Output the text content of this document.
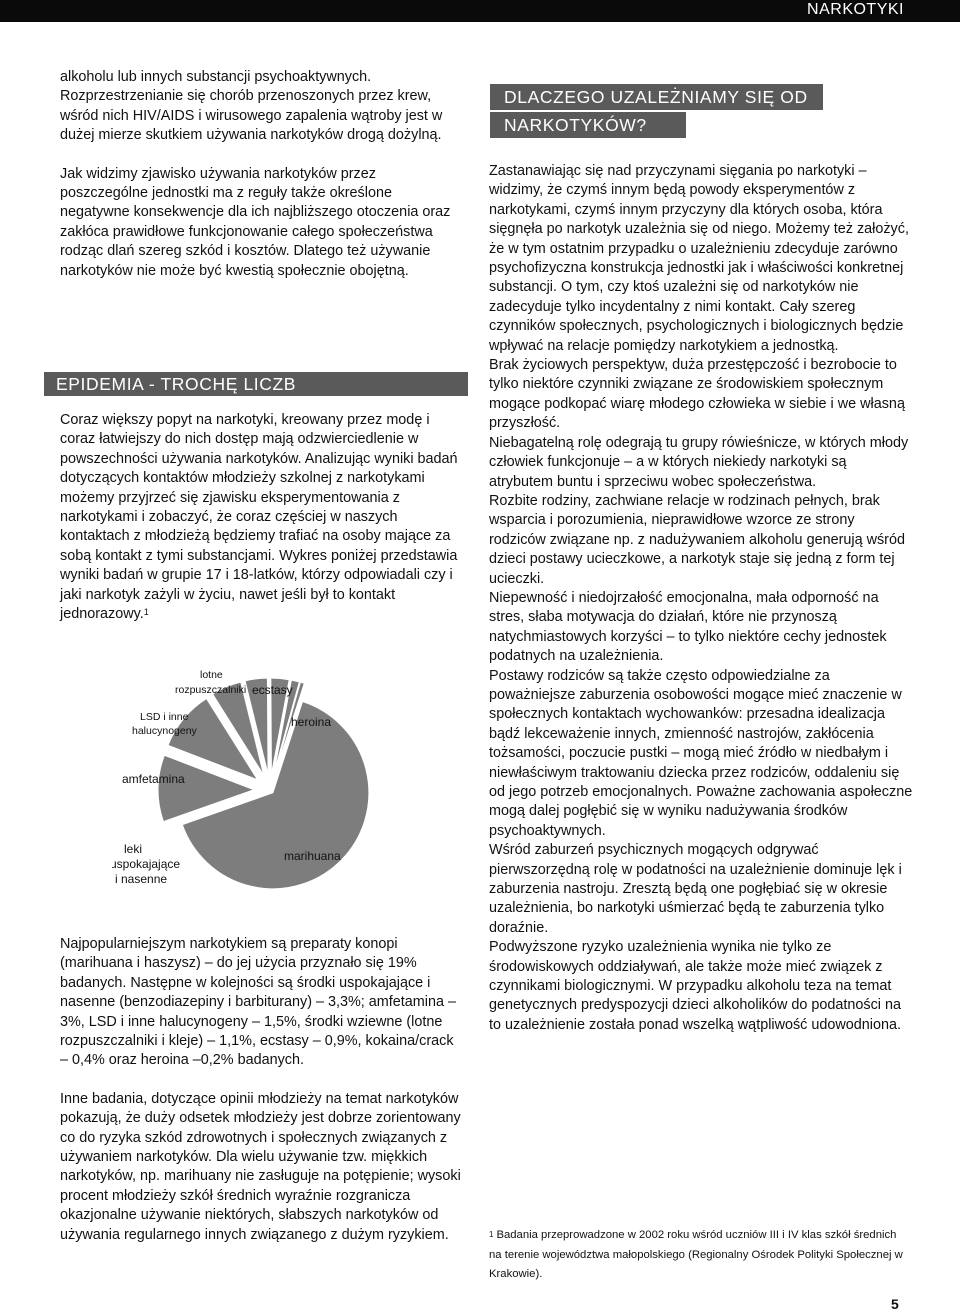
NARKOTYKI

alkoholu lub innych substancji psychoaktywnych. Rozprzestrzenianie się chorób przenoszonych przez krew, wśród nich HIV/AIDS i wirusowego zapalenia wątroby jest w dużej mierze skutkiem używania narkotyków drogą dożylną.

Jak widzimy zjawisko używania narkotyków przez poszczególne jednostki ma z reguły także określone negatywne konsekwencje dla ich najbliższego otoczenia oraz zakłóca prawidłowe funkcjonowanie całego społeczeństwa rodząc dlań szereg szkód i kosztów. Dlatego też używanie narkotyków nie może być kwestią społecznie obojętną.

EPIDEMIA - TROCHĘ LICZB

Coraz większy popyt na narkotyki, kreowany przez modę i coraz łatwiejszy do nich dostęp mają odzwierciedlenie w powszechności używania narkotyków. Analizując wyniki badań dotyczących kontaktów młodzieży szkolnej z narkotykami możemy przyjrzeć się zjawisku eksperymentowania z narkotykami i zobaczyć, że coraz częściej w naszych kontaktach z młodzieżą będziemy trafiać na osoby mające za sobą kontakt z tymi substancjami. Wykres poniżej przedstawia wyniki badań w grupie 17 i 18-latków, którzy odpowiadali czy i jaki narkotyk zażyli w życiu, nawet jeśli był to kontakt jednorazowy.$^1$

lotne
rozpuszczalniki ecstasy
heroina
LSD i inne
halucynogeny
amfetamina
leki
uspokajające
i nasenne
marihuana

Najpopularniejszym narkotykiem są preparaty konopi (marihuana i haszysz) – do jej użycia przyznało się 19% badanych. Następne w kolejności są środki uspokajające i nasenne (benzodiazepiny i barbiturany) – 3,3%; amfetamina – 3%, LSD i inne halucynogeny – 1,5%, środki wziewne (lotne rozpuszczalniki i kleje) – 1,1%, ecstasy – 0,9%, kokaina/crack – 0,4% oraz heroina –0,2% badanych.

Inne badania, dotyczące opinii młodzieży na temat narkotyków pokazują, że duży odsetek młodzieży jest dobrze zorientowany co do ryzyka szkód zdrowotnych i społecznych związanych z używaniem narkotyków. Dla wielu używanie tzw. miękkich narkotyków, np. marihuany nie zasługuje na potępienie; wysoki procent młodzieży szkół średnich wyraźnie rozgranicza okazjonalne używanie niektórych, słabszych narkotyków od używania regularnego innych związanego z dużym ryzykiem.

DLACZEGO UZALEŻNIAMY SIĘ OD
NARKOTYKÓW?

Zastanawiając się nad przyczynami sięgania po narkotyki – widzimy, że czymś innym będą powody eksperymentów z narkotykami, czymś innym przyczyny dla których osoba, która sięgnęła po narkotyk uzależnia się od niego. Możemy też założyć, że w tym ostatnim przypadku o uzależnieniu zdecyduje zarówno psychofizyczna konstrukcja jednostki jak i właściwości konkretnej substancji. O tym, czy ktoś uzależni się od narkotyków nie zadecyduje tylko incydentalny z nimi kontakt. Cały szereg czynników społecznych, psychologicznych i biologicznych będzie wpływać na relacje pomiędzy narkotykiem a jednostką.

Brak życiowych perspektyw, duża przestępczość i bezrobocie to tylko niektóre czynniki związane ze środowiskiem społecznym mogące podkopać wiarę młodego człowieka w siebie i we własną przyszłość.

Niebagatelną rolę odegrają tu grupy rówieśnicze, w których młody człowiek funkcjonuje – a w których niekiedy narkotyki są atrybutem buntu i sprzeciwu wobec społeczeństwa.

Rozbite rodziny, zachwiane relacje w rodzinach pełnych, brak wsparcia i porozumienia, nieprawidłowe wzorce ze strony rodziców związane np. z nadużywaniem alkoholu generują wśród dzieci postawy ucieczkowe, a narkotyk staje się jedną z form tej ucieczki.

Niepewność i niedojrzałość emocjonalna, mała odporność na stres, słaba motywacja do działań, które nie przynoszą natychmiastowych korzyści – to tylko niektóre cechy jednostek podatnych na uzależnienia.

Postawy rodziców są także często odpowiedzialne za poważniejsze zaburzenia osobowości mogące mieć znaczenie w społecznych kontaktach wychowanków: przesadna idealizacja bądź lekceważenie innych, zmienność nastrojów, zakłócenia tożsamości, poczucie pustki – mogą mieć źródło w niedbałym i niewłaściwym traktowaniu dziecka przez rodziców, oddaleniu się od jego potrzeb emocjonalnych. Poważne zachowania aspołeczne mogą dalej pogłębić się w wyniku nadużywania środków psychoaktywnych.

Wśród zaburzeń psychicznych mogących odgrywać pierwszorzędną rolę w podatności na uzależnienie dominuje lęk i zaburzenia nastroju. Zresztą będą one pogłębiać się w okresie uzależnienia, bo narkotyki uśmierzać będą te zaburzenia tylko doraźnie.

Podwyższone ryzyko uzależnienia wynika nie tylko ze środowiskowych oddziaływań, ale także może mieć związek z czynnikami biologicznymi. W przypadku alkoholu teza na temat genetycznych predyspozycji dzieci alkoholików do podatności na to uzależnienie została ponad wszelką wątpliwość udowodniona.

$^1$ Badania przeprowadzone w 2002 roku wśród uczniów III i IV klas szkół średnich na terenie województwa małopolskiego (Regionalny Ośrodek Polityki Społecznej w Krakowie).
5
